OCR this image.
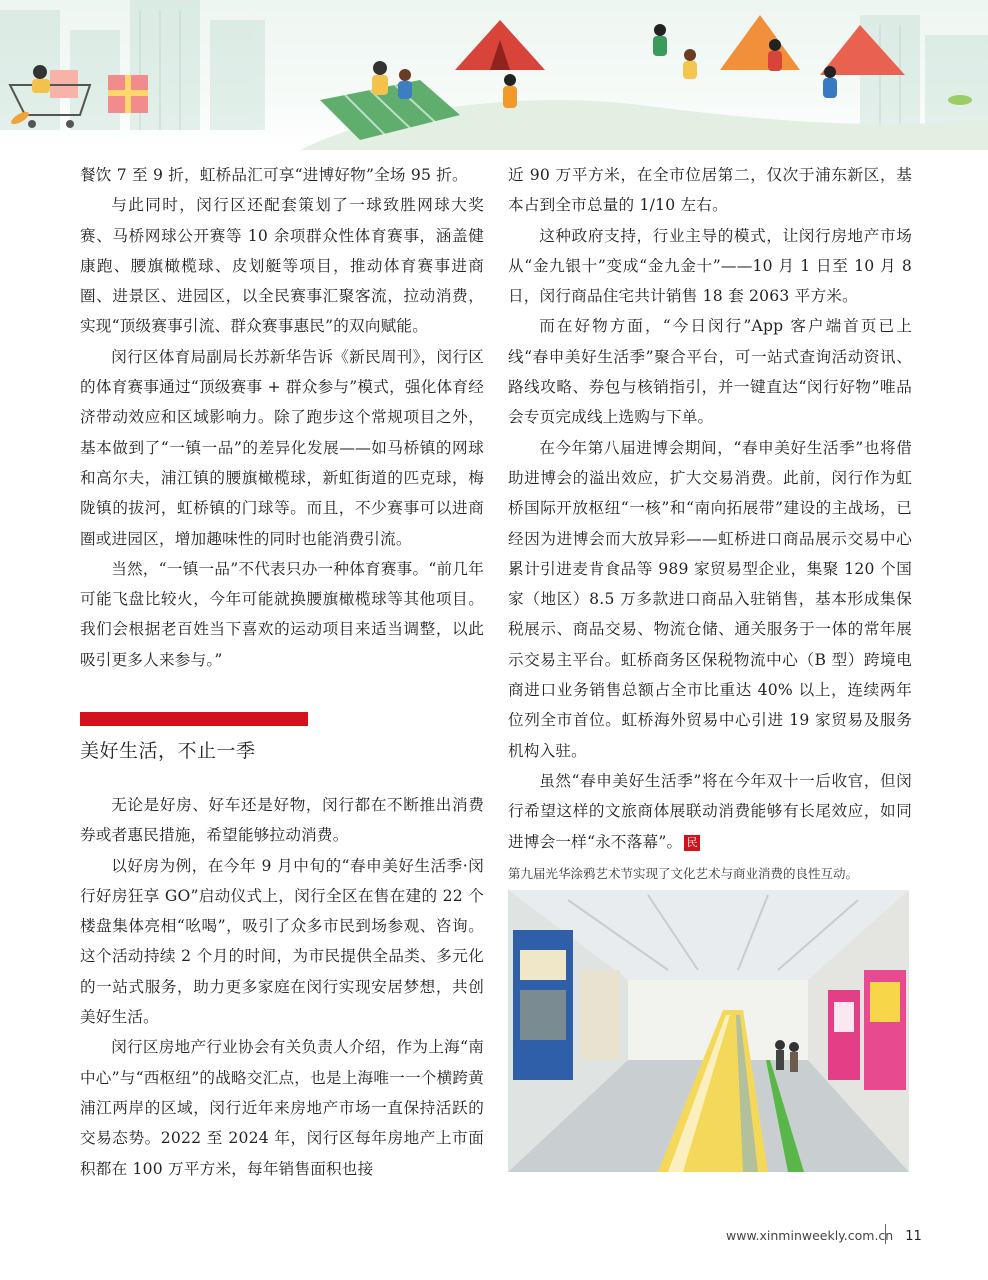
餐饮 7 至 9 折，虹桥品汇可享“进博好物”全场 95 折。

与此同时，闵行区还配套策划了一球致胜网球大奖赛、马桥网球公开赛等 10 余项群众性体育赛事，涵盖健康跑、腰旗橄榄球、皮划艇等项目，推动体育赛事进商圈、进景区、进园区，以全民赛事汇聚客流，拉动消费，实现“顶级赛事引流、群众赛事惠民”的双向赋能。

闵行区体育局副局长苏新华告诉《新民周刊》，闵行区的体育赛事通过“顶级赛事 + 群众参与”模式，强化体育经济带动效应和区域影响力。除了跑步这个常规项目之外，基本做到了“一镇一品”的差异化发展——如马桥镇的网球和高尔夫，浦江镇的腰旗橄榄球，新虹街道的匹克球，梅陇镇的拔河，虹桥镇的门球等。而且，不少赛事可以进商圈或进园区，增加趣味性的同时也能消费引流。

当然，“一镇一品”不代表只办一种体育赛事。“前几年可能飞盘比较火，今年可能就换腰旗橄榄球等其他项目。我们会根据老百姓当下喜欢的运动项目来适当调整，以此吸引更多人来参与。”

美好生活，不止一季

无论是好房、好车还是好物，闵行都在不断推出消费券或者惠民措施，希望能够拉动消费。

以好房为例，在今年 9 月中旬的“春申美好生活季·闵行好房狂享 GO”启动仪式上，闵行全区在售在建的 22 个楼盘集体亮相“吆喝”，吸引了众多市民到场参观、咨询。这个活动持续 2 个月的时间，为市民提供全品类、多元化的一站式服务，助力更多家庭在闵行实现安居梦想，共创美好生活。

闵行区房地产行业协会有关负责人介绍，作为上海“南中心”与“西枢纽”的战略交汇点，也是上海唯一一个横跨黄浦江两岸的区域，闵行近年来房地产市场一直保持活跃的交易态势。2022 至 2024 年，闵行区每年房地产上市面积都在 100 万平方米，每年销售面积也接

近 90 万平方米，在全市位居第二，仅次于浦东新区，基本占到全市总量的 1/10 左右。

这种政府支持，行业主导的模式，让闵行房地产市场从“金九银十”变成“金九金十”——10 月 1 日至 10 月 8 日，闵行商品住宅共计销售 18 套 2063 平方米。

而在好物方面，“今日闵行”App 客户端首页已上线“春申美好生活季”聚合平台，可一站式查询活动资讯、路线攻略、券包与核销指引，并一键直达“闵行好物”唯品会专页完成线上选购与下单。

在今年第八届进博会期间，“春申美好生活季”也将借助进博会的溢出效应，扩大交易消费。此前，闵行作为虹桥国际开放枢纽“一核”和“南向拓展带”建设的主战场，已经因为进博会而大放异彩——虹桥进口商品展示交易中心累计引进麦肯食品等 989 家贸易型企业，集聚 120 个国家（地区）8.5 万多款进口商品入驻销售，基本形成集保税展示、商品交易、物流仓储、通关服务于一体的常年展示交易主平台。虹桥商务区保税物流中心（B 型）跨境电商进口业务销售总额占全市比重达 40% 以上，连续两年位列全市首位。虹桥海外贸易中心引进 19 家贸易及服务机构入驻。

虽然“春申美好生活季”将在今年双十一后收官，但闵行希望这样的文旅商体展联动消费能够有长尾效应，如同进博会一样“永不落幕”。 民

第九届光华涂鸦艺术节实现了文化艺术与商业消费的良性互动。
www.xinminweekly.com.cn 11
